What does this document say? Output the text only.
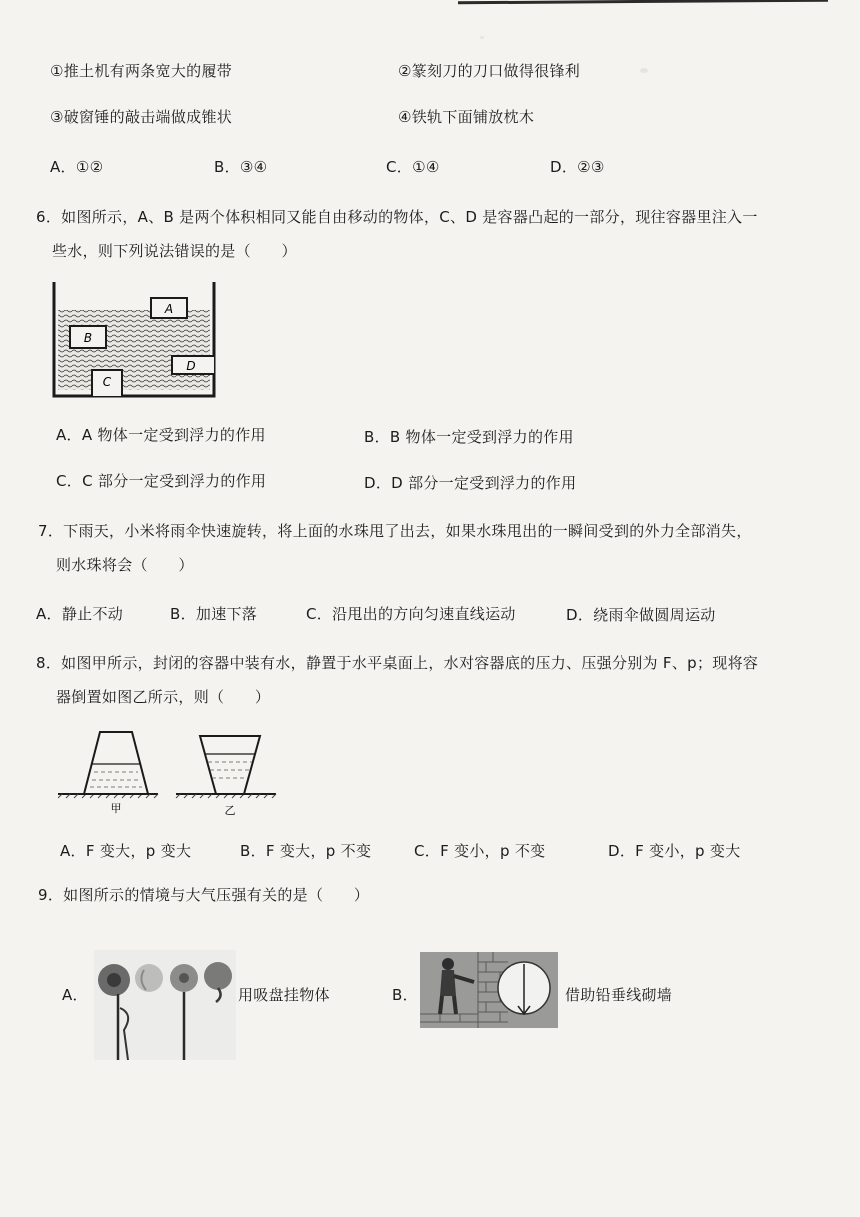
①推土机有两条宽大的履带	②篆刻刀的刀口做得很锋利
③破窗锤的敲击端做成锥状	④铁轨下面铺放枕木
A．①②	B．③④	C．①④	D．②③
6．如图所示，A、B 是两个体积相同又能自由移动的物体，C、D 是容器凸起的一部分，现往容器里注入一
些水，则下列说法错误的是（　　）
A
B
C
D
A．A 物体一定受到浮力的作用	B．B 物体一定受到浮力的作用
C．C 部分一定受到浮力的作用	D．D 部分一定受到浮力的作用
7．下雨天，小米将雨伞快速旋转，将上面的水珠甩了出去，如果水珠甩出的一瞬间受到的外力全部消失，
则水珠将会（　　）
A．静止不动	B．加速下落	C．沿甩出的方向匀速直线运动	D．绕雨伞做圆周运动
8．如图甲所示，封闭的容器中装有水，静置于水平桌面上，水对容器底的压力、压强分别为 F、p；现将容
器倒置如图乙所示，则（　　）
甲	乙
A．F 变大，p 变大	B．F 变大，p 不变	C．F 变小，p 不变	D．F 变小，p 变大
9．如图所示的情境与大气压强有关的是（　　）
A．	用吸盘挂物体	B．	借助铅垂线砌墙
